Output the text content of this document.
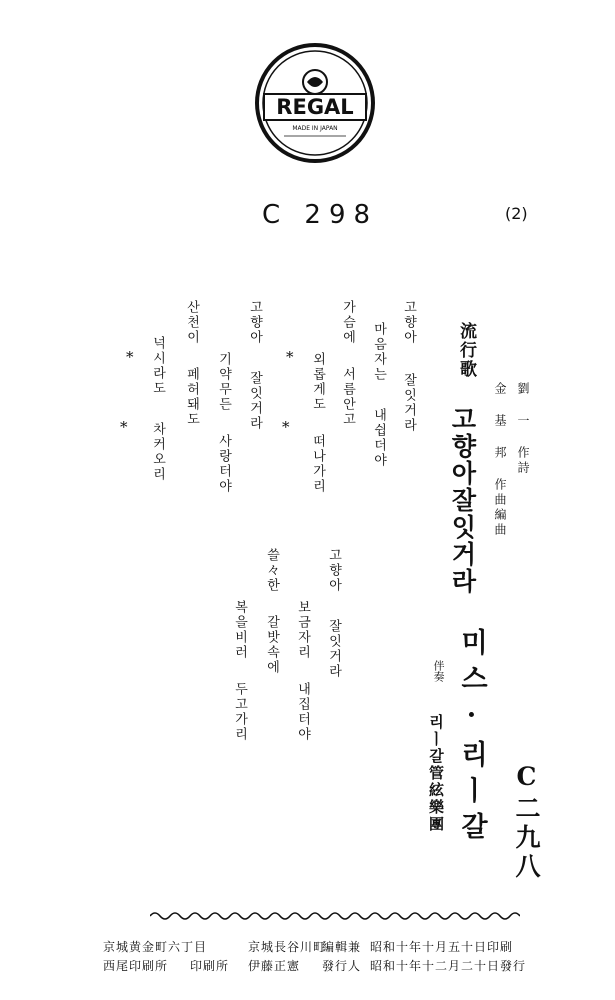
REGAL
MADE IN JAPAN
C 298	(2)
고향아잘잇거라
마음자는내쉽더야
가슴에서름안고
외롭게도떠나가리
*
*
고향아잘잇거라
기약무든사랑터야
산천이페허돼도
넉시라도차커오리
*
*
고향아잘잇거라
보금자리내집터야
쓸々한갈밧속에
복을비러두고가리
流行歌
劉 一 作詩
金 基 邦 作曲編曲
고향아잘잇거라
미스·리ㅣ갈
伴奏
리ㅣ갈管絃樂團	C二九八
昭和十年十月五十日印刷
昭和十年十二月二十日發行
編輯兼
發行人
京城長谷川町
伊藤正憲
京城黄金町六丁目
印刷所
西尾印刷所
